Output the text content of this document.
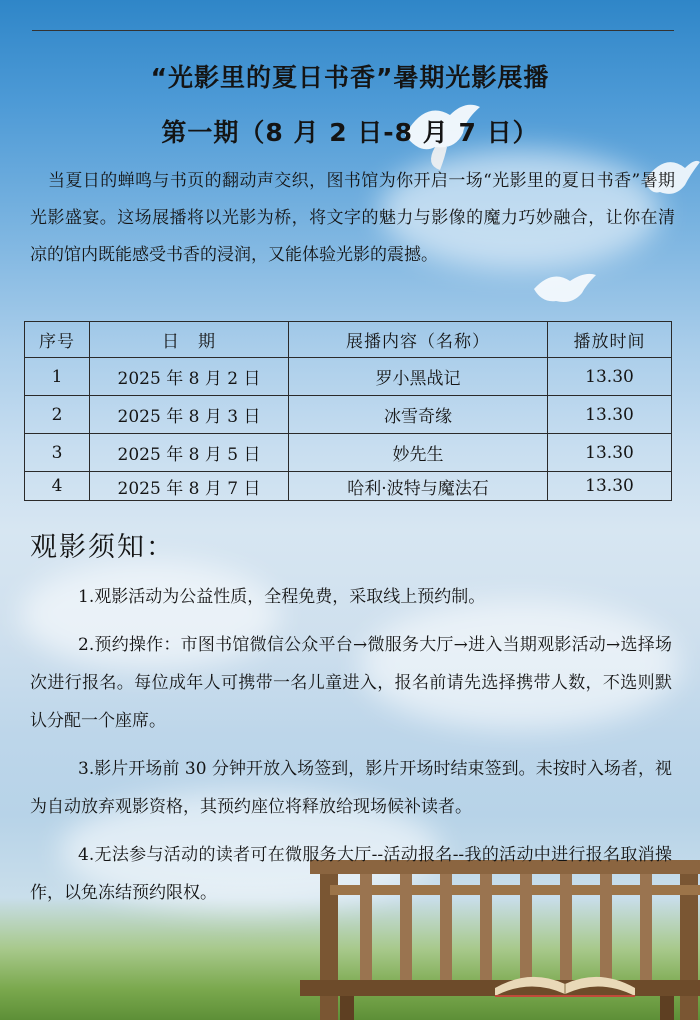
“光影里的夏日书香”暑期光影展播
第一期（8 月 2 日-8 月 7 日）
当夏日的蝉鸣与书页的翻动声交织，图书馆为你开启一场“光影里的夏日书香”暑期光影盛宴。这场展播将以光影为桥，将文字的魅力与影像的魔力巧妙融合，让你在清凉的馆内既能感受书香的浸润，又能体验光影的震撼。
序号	日　期	展播内容（名称）	播放时间
1	2025 年 8 月 2 日	罗小黑战记	13.30
2	2025 年 8 月 3 日	冰雪奇缘	13.30
3	2025 年 8 月 5 日	妙先生	13.30
4	2025 年 8 月 7 日	哈利·波特与魔法石	13.30
观影须知：

1.观影活动为公益性质，全程免费，采取线上预约制。

2.预约操作：市图书馆微信公众平台→微服务大厅→进入当期观影活动→选择场次进行报名。每位成年人可携带一名儿童进入，报名前请先选择携带人数，不选则默认分配一个座席。

3.影片开场前 30 分钟开放入场签到，影片开场时结束签到。未按时入场者，视为自动放弃观影资格，其预约座位将释放给现场候补读者。

4.无法参与活动的读者可在微服务大厅--活动报名--我的活动中进行报名取消操作，以免冻结预约限权。
